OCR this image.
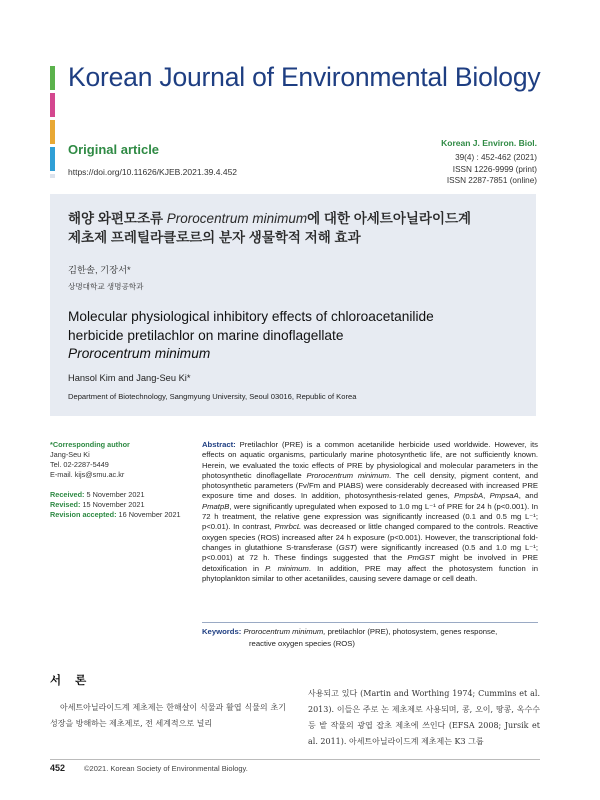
Korean Journal of Environmental Biology
Original article
https://doi.org/10.11626/KJEB.2021.39.4.452
Korean J. Environ. Biol.
39(4) : 452-462 (2021)
ISSN 1226-9999 (print)
ISSN 2287-7851 (online)
해양 와편모조류 Prorocentrum minimum에 대한 아세트아닐라이드계
제초제 프레틸라클로르의 분자 생물학적 저해 효과
김한솔, 기장서*
상명대학교 생명공학과
Molecular physiological inhibitory effects of chloroacetanilide
herbicide pretilachlor on marine dinoflagellate
Prorocentrum minimum
Hansol Kim and Jang-Seu Ki*
Department of Biotechnology, Sangmyung University, Seoul 03016, Republic of Korea
*Corresponding author
Jang-Seu Ki
Tel. 02-2287-5449
E-mail. kijs@smu.ac.kr
Received: 5 November 2021
Revised: 15 November 2021
Revision accepted: 16 November 2021
Abstract: Pretilachlor (PRE) is a common acetanilide herbicide used worldwide. However, its effects on aquatic organisms, particularly marine photosynthetic life, are not sufficiently known. Herein, we evaluated the toxic effects of PRE by physiological and molecular parameters in the photosynthetic dinoflagellate Prorocentrum minimum. The cell density, pigment content, and photosynthetic parameters (Fv/Fm and PIABS) were considerably decreased with increased PRE exposure time and doses. In addition, photosynthesis-related genes, PmpsbA, PmpsaA, and PmatpB, were significantly upregulated when exposed to 1.0 mg L⁻¹ of PRE for 24 h (p<0.001). In 72 h treatment, the relative gene expression was significantly increased (0.1 and 0.5 mg L⁻¹; p<0.01). In contrast, PmrbcL was decreased or little changed compared to the controls. Reactive oxygen species (ROS) increased after 24 h exposure (p<0.001). However, the transcriptional fold-changes in glutathione S-transferase (GST) were significantly increased (0.5 and 1.0 mg L⁻¹; p<0.001) at 72 h. These findings suggested that the PmGST might be involved in PRE detoxification in P. minimum. In addition, PRE may affect the photosystem function in phytoplankton similar to other acetanilides, causing severe damage or cell death.
Keywords: Prorocentrum minimum, pretilachlor (PRE), photosystem, genes response,
reactive oxygen species (ROS)
서론
아세트아닐라이드계 제초제는 한해살이 식물과 활엽 식물의 초기 성장을 방해하는 제초제로, 전 세계적으로 널리
사용되고 있다 (Martin and Worthing 1974; Cummins et al. 2013). 이들은 주로 논 제초제로 사용되며, 콩, 오이, 땅콩, 옥수수 등 밭 작물의 광엽 잡초 제초에 쓰인다 (EFSA 2008; Jursik et al. 2011). 아세트아닐라이드계 제초제는 K3 그룹
452	©2021. Korean Society of Environmental Biology.
